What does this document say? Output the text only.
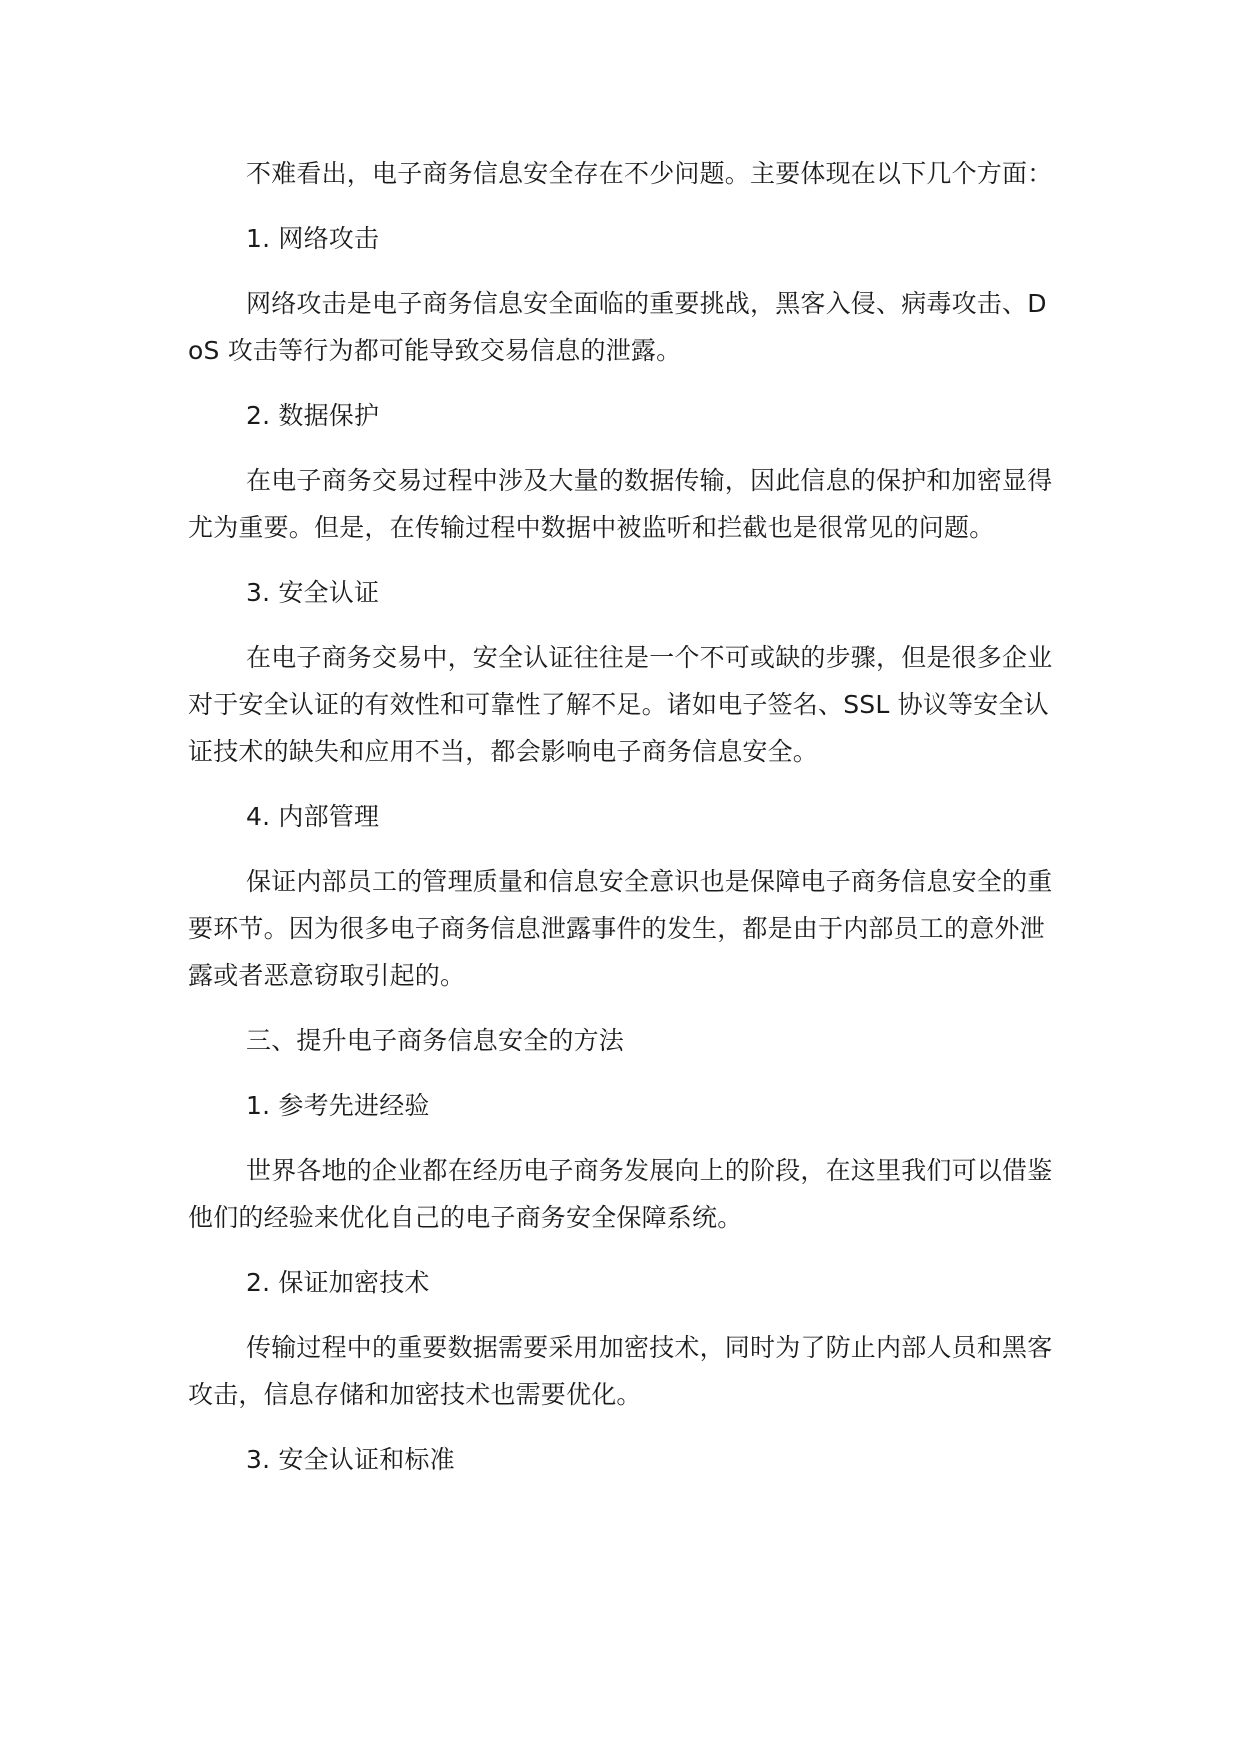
不难看出，电子商务信息安全存在不少问题。主要体现在以下几个方面：

1. 网络攻击

网络攻击是电子商务信息安全面临的重要挑战，黑客入侵、病毒攻击、DoS 攻击等行为都可能导致交易信息的泄露。

2. 数据保护

在电子商务交易过程中涉及大量的数据传输，因此信息的保护和加密显得尤为重要。但是，在传输过程中数据中被监听和拦截也是很常见的问题。

3. 安全认证

在电子商务交易中，安全认证往往是一个不可或缺的步骤，但是很多企业对于安全认证的有效性和可靠性了解不足。诸如电子签名、SSL 协议等安全认证技术的缺失和应用不当，都会影响电子商务信息安全。

4. 内部管理

保证内部员工的管理质量和信息安全意识也是保障电子商务信息安全的重要环节。因为很多电子商务信息泄露事件的发生，都是由于内部员工的意外泄露或者恶意窃取引起的。

三、提升电子商务信息安全的方法

1. 参考先进经验

世界各地的企业都在经历电子商务发展向上的阶段，在这里我们可以借鉴他们的经验来优化自己的电子商务安全保障系统。

2. 保证加密技术

传输过程中的重要数据需要采用加密技术，同时为了防止内部人员和黑客攻击，信息存储和加密技术也需要优化。

3. 安全认证和标准
